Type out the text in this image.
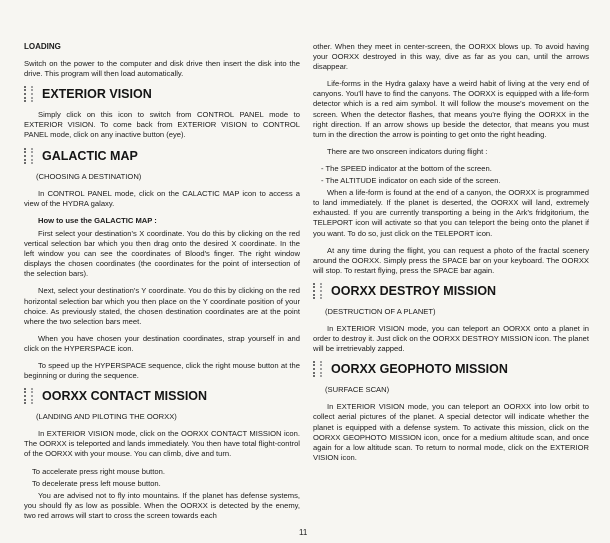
LOADING

Switch on the power to the computer and disk drive then insert the disk into the drive. This program will then load automatically.

EXTERIOR VISION

Simply click on this icon to switch from CONTROL PANEL mode to EXTERIOR VISION. To come back from EXTERIOR VISION to CONTROL PANEL mode, click on any inactive button (eye).

GALACTIC MAP

(CHOOSING A DESTINATION)

In CONTROL PANEL mode, click on the CALACTIC MAP icon to access a view of the HYDRA galaxy.

How to use the GALACTIC MAP :

First select your destination's X coordinate. You do this by clicking on the red vertical selection bar which you then drag onto the desired X coordinate. In the left window you can see the coordinates of Blood's finger. The right window displays the chosen coordinates (the coordinates for the point of intersection of the selection bars).

Next, select your destination's Y coordinate. You do this by clicking on the red horizontal selection bar which you then place on the Y coordinate position of your choice. As previously stated, the chosen destination coordinates are at the point where the two selection bars meet.

When you have chosen your destination coordinates, strap yourself in and click on the HYPERSPACE icon.

To speed up the HYPERSPACE sequence, click the right mouse button at the beginning or during the sequence.

OORXX CONTACT MISSION

(LANDING AND PILOTING THE OORXX)

In EXTERIOR VISION mode, click on the OORXX CONTACT MISSION icon. The OORXX is teleported and lands immediately. You then have total flight-control of the OORXX with your mouse. You can climb, dive and turn.

To accelerate press right mouse button.

To decelerate press left mouse button.

You are advised not to fly into mountains. If the planet has defense systems, you should fly as low as possible. When the OORXX is detected by the enemy, two red arrows will start to cross the screen towards each

11

other. When they meet in center-screen, the OORXX blows up. To avoid having your OORXX destroyed in this way, dive as far as you can, until the arrows disappear.

Life-forms in the Hydra galaxy have a weird habit of living at the very end of canyons. You'll have to find the canyons. The OORXX is equipped with a life-form detector which is a red aim symbol. It will follow the mouse's movement on the screen. When the detector flashes, that means you're flying the OORXX in the right direction. If an arrow shows up beside the detector, that means you must turn in the direction the arrow is pointing to get onto the right heading.

There are two onscreen indicators during flight :

- The SPEED indicator at the bottom of the screen.

- The ALTITUDE indicator on each side of the screen.

When a life-form is found at the end of a canyon, the OORXX is programmed to land immediately. If the planet is deserted, the OORXX will land, extremely exhausted. If you are currently transporting a being in the Ark's fridgitorium, the TELEPORT icon will activate so that you can teleport the being onto the planet if you want. To do so, just click on the TELEPORT icon.

At any time during the flight, you can request a photo of the fractal scenery around the OORXX. Simply press the SPACE bar on your keyboard. The OORXX will stop. To restart flying, press the SPACE bar again.

OORXX DESTROY MISSION

(DESTRUCTION OF A PLANET)

In EXTERIOR VISION mode, you can teleport an OORXX onto a planet in order to destroy it. Just click on the OORXX DESTROY MISSION icon. The planet will be irretrievably zapped.

OORXX GEOPHOTO MISSION

(SURFACE SCAN)

In EXTERIOR VISION mode, you can teleport an OORXX into low orbit to collect aerial pictures of the planet. A special detector will indicate whether the planet is equipped with a defense system. To activate this mission, click on the OORXX GEOPHOTO MISSION icon, once for a medium altitude scan, and once again for a low altitude scan. To return to normal mode, click on the EXTERIOR VISION icon.
